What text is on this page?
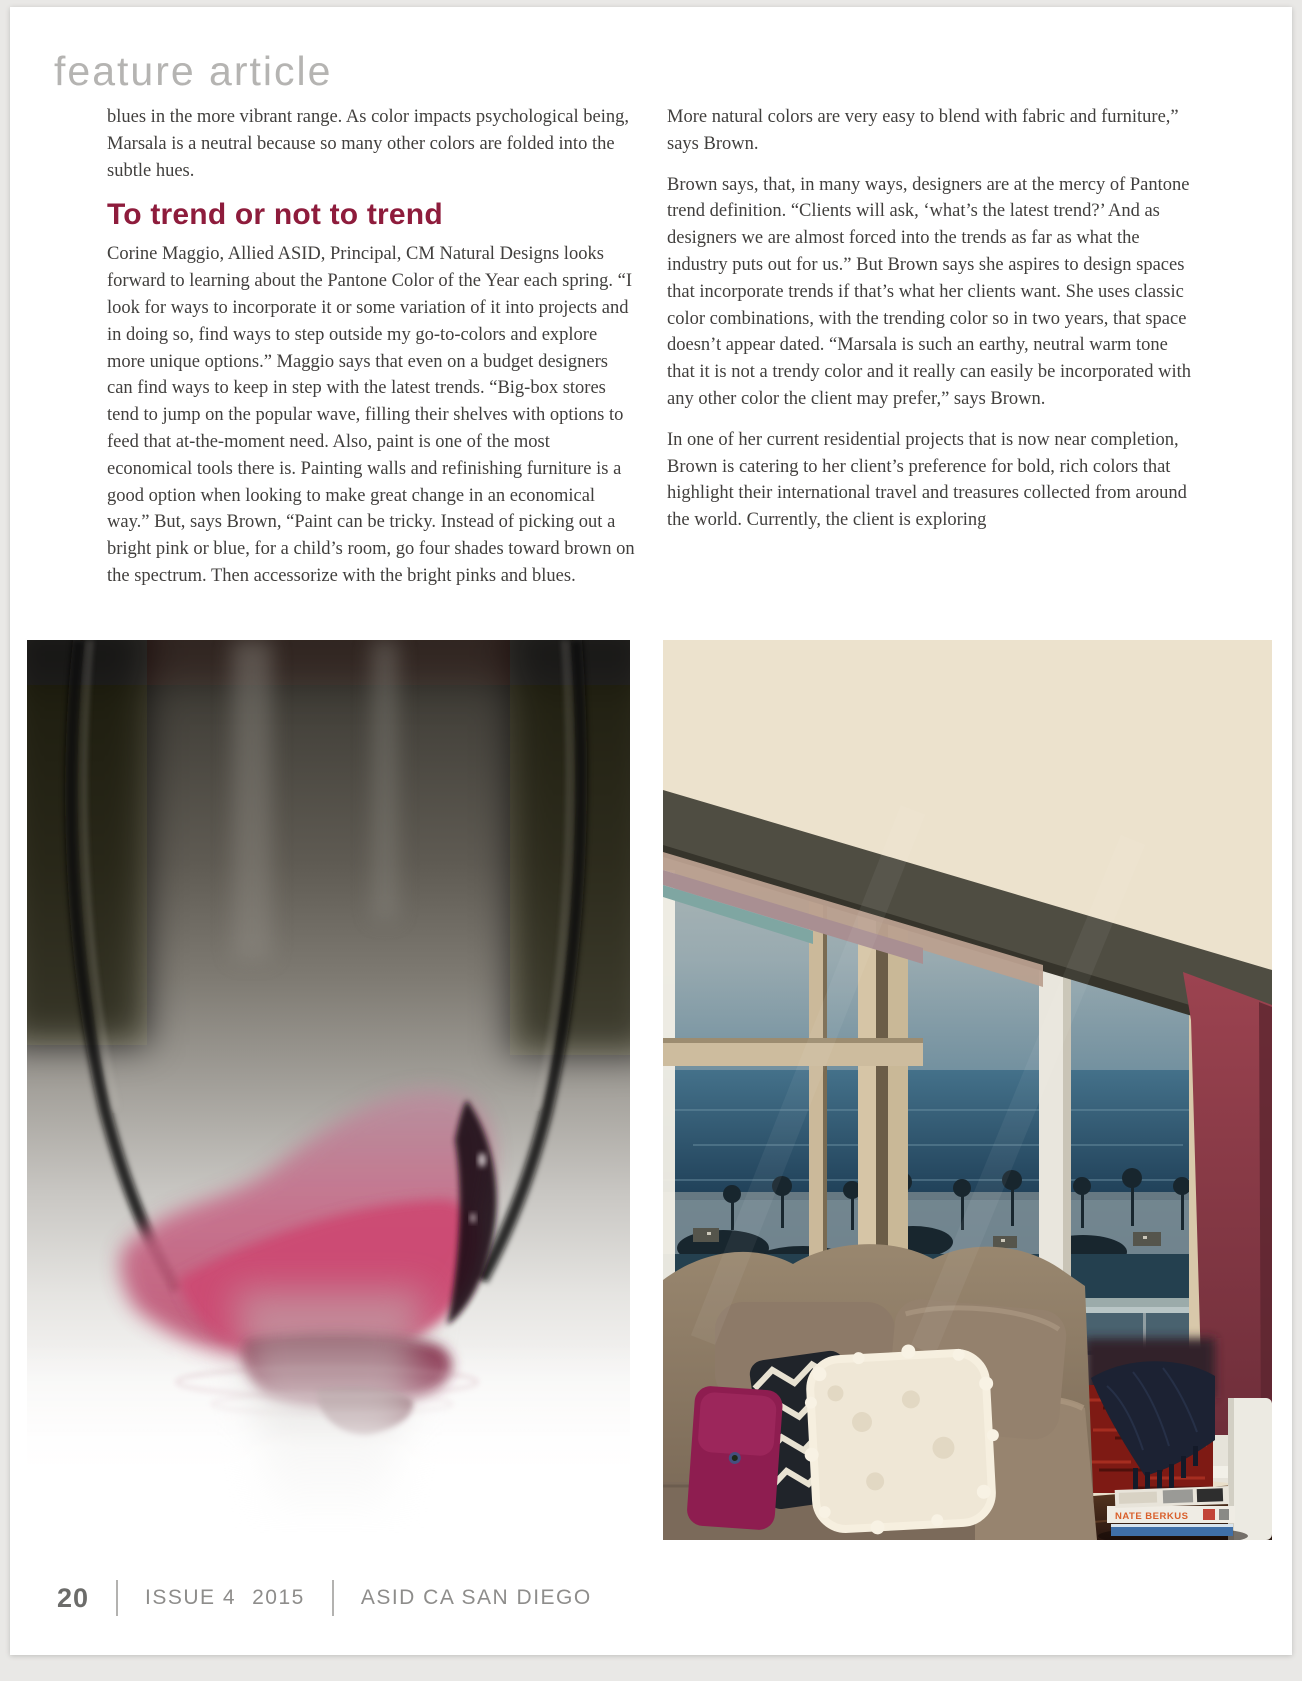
feature article

blues in the more vibrant range. As color impacts psychological being, Marsala is a neutral because so many other colors are folded into the subtle hues.

To trend or not to trend

Corine Maggio, Allied ASID, Principal, CM Natural Designs looks forward to learning about the Pantone Color of the Year each spring. “I look for ways to incorporate it or some variation of it into projects and in doing so, find ways to step outside my go-to-colors and explore more unique options.” Maggio says that even on a budget designers can find ways to keep in step with the latest trends. “Big-box stores tend to jump on the popular wave, filling their shelves with options to feed that at-the-moment need. Also, paint is one of the most economical tools there is. Painting walls and refinishing furniture is a good option when looking to make great change in an economical way.” But, says Brown, “Paint can be tricky. Instead of picking out a bright pink or blue, for a child’s room, go four shades toward brown on the spectrum. Then accessorize with the bright pinks and blues.

More natural colors are very easy to blend with fabric and furniture,” says Brown.

Brown says, that, in many ways, designers are at the mercy of Pantone trend definition. “Clients will ask, ‘what’s the latest trend?’ And as designers we are almost forced into the trends as far as what the industry puts out for us.” But Brown says she aspires to design spaces that incorporate trends if that’s what her clients want. She uses classic color combinations, with the trending color so in two years, that space doesn’t appear dated. “Marsala is such an earthy, neutral warm tone that it is not a trendy color and it really can easily be incorporated with any other color the client may prefer,” says Brown.

In one of her current residential projects that is now near completion, Brown is catering to her client’s preference for bold, rich colors that highlight their international travel and treasures collected from around the world. Currently, the client is exploring

NATE BERKUS
20	ISSUE 4 2015	ASID CA SAN DIEGO
